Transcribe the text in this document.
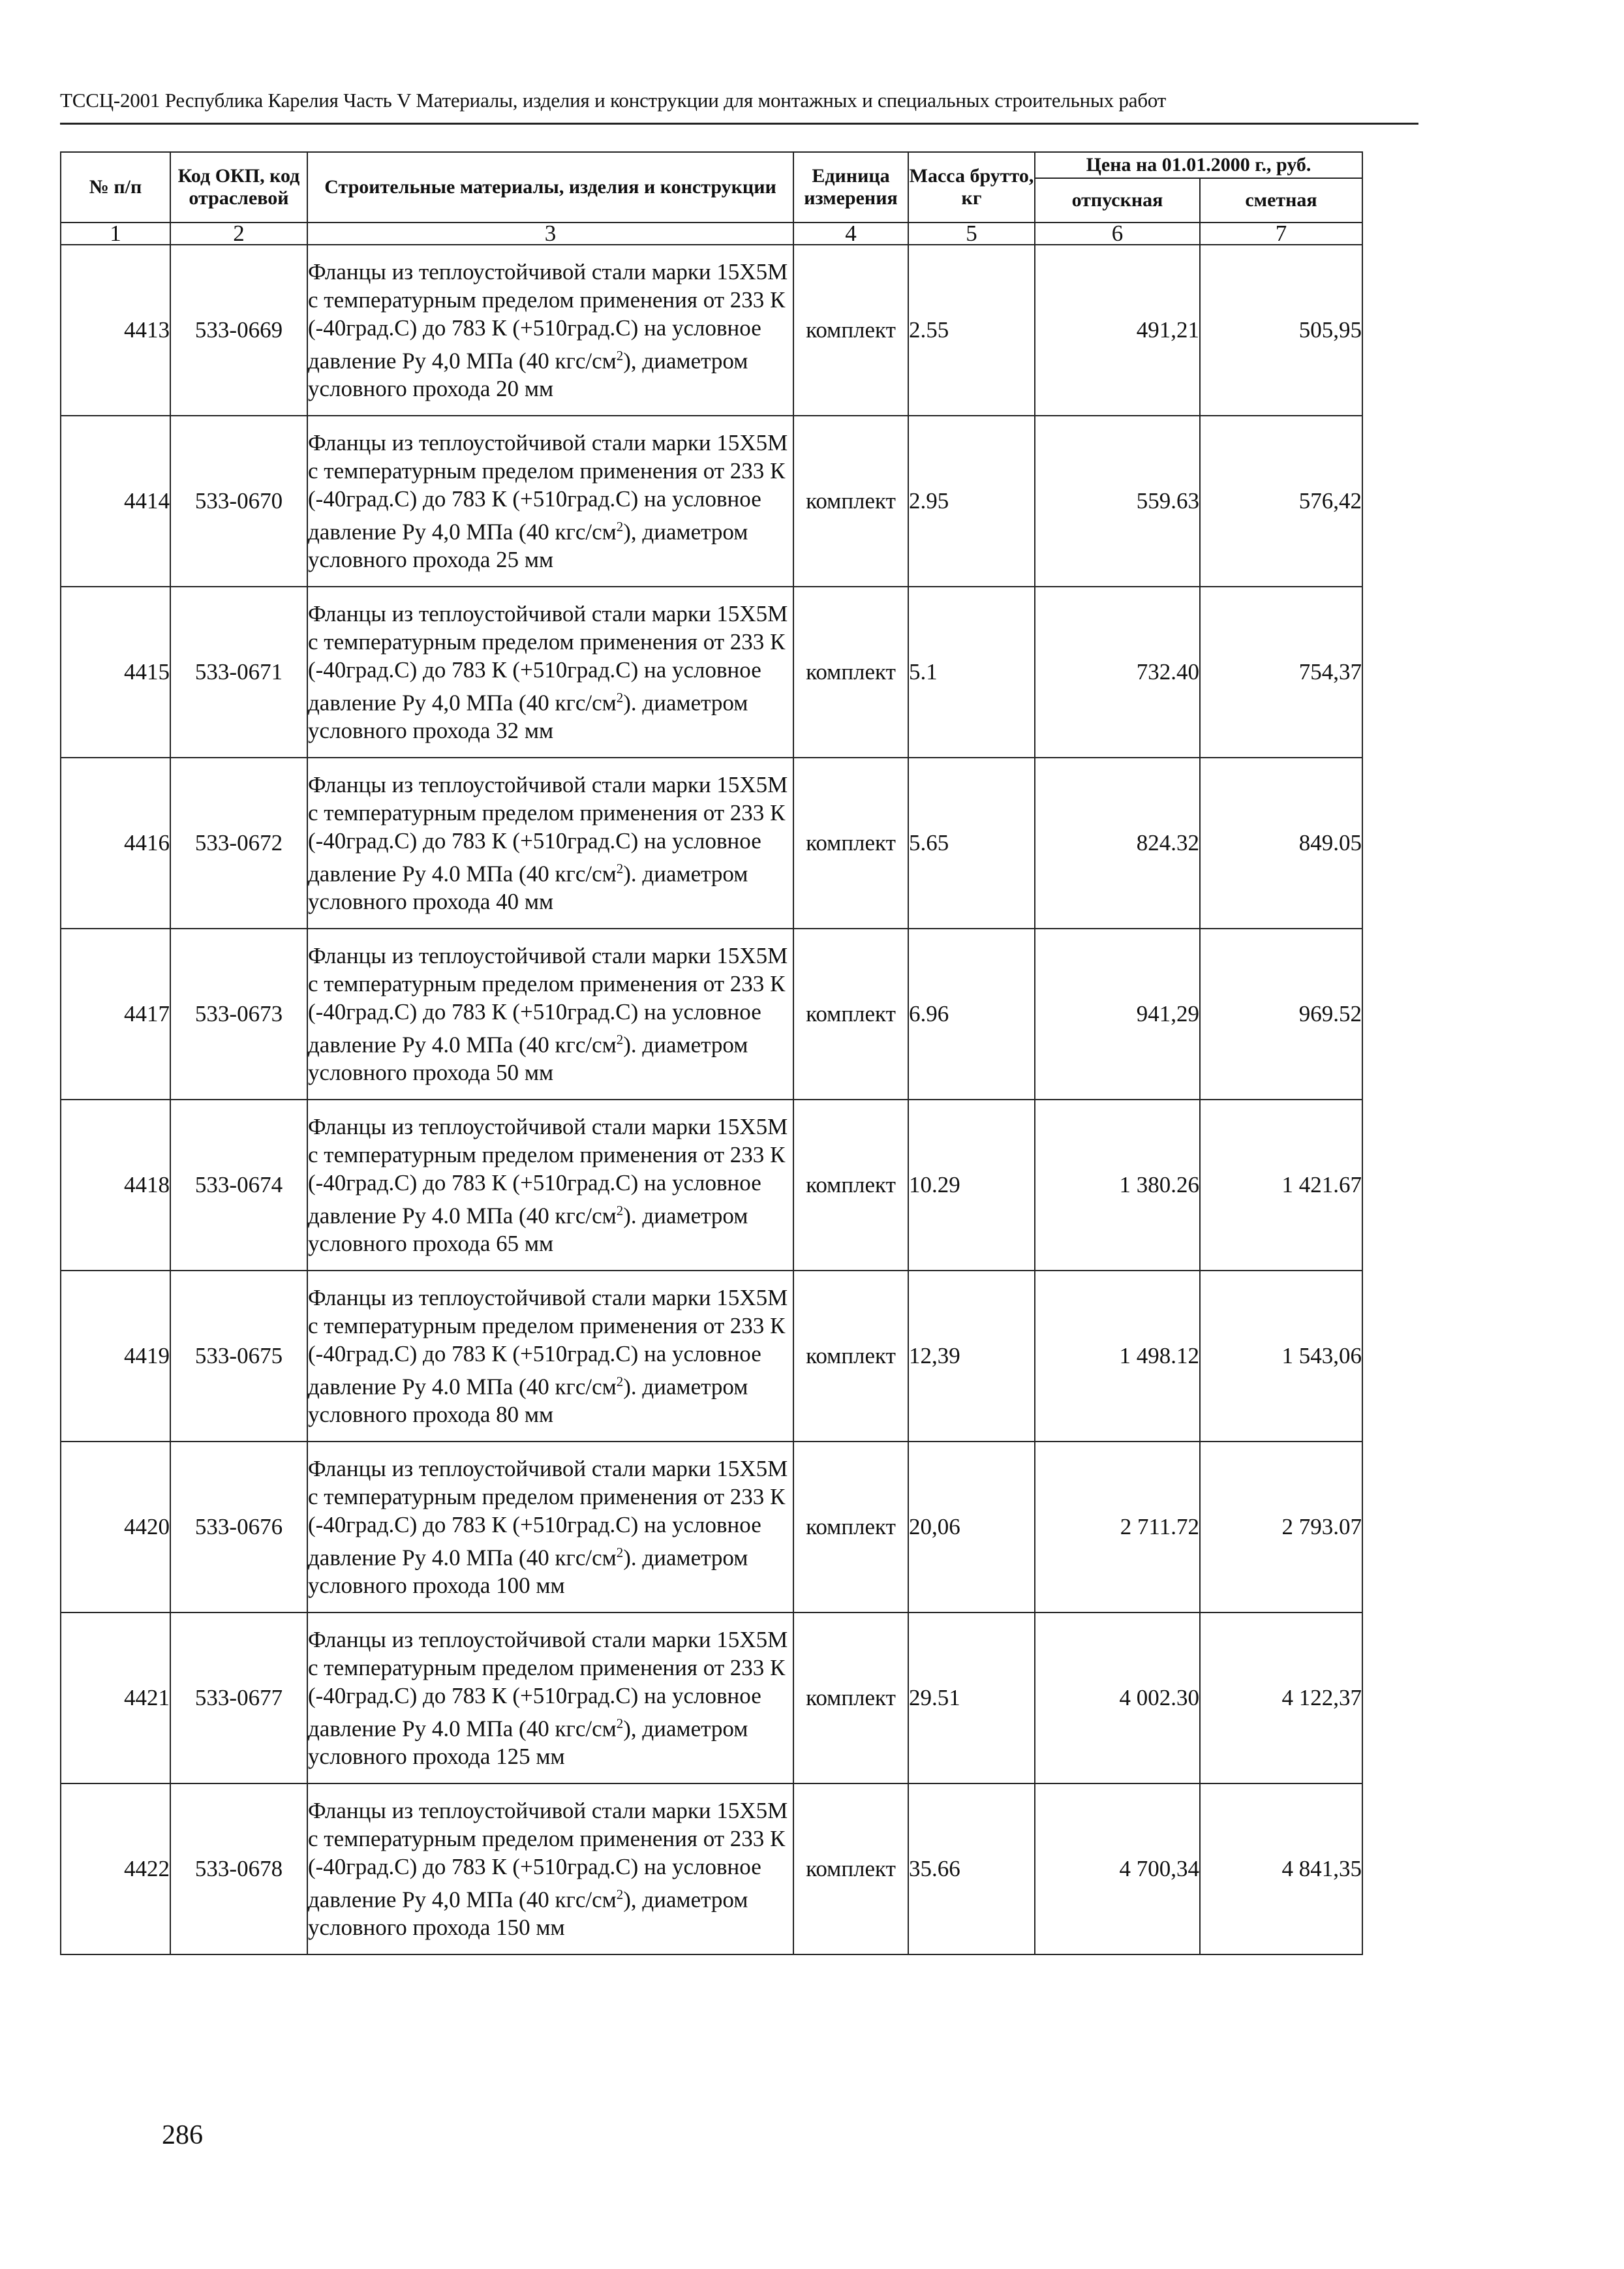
ТССЦ-2001 Республика Карелия Часть V Материалы, изделия и конструкции для монтажных и специальных строительных работ
№ п/п	Код ОКП, код отраслевой	Строительные материалы, изделия и конструкции	Единица измерения	Масса брутто, кг	Цена на 01.01.2000 г., руб.	
					отпускная	сметная
1	2	3	4	5	6	7
4413	533-0669	Фланцы из теплоустойчивой стали марки 15Х5М с температурным пределом применения от 233 К (-40град.С) до 783 К (+510град.С) на условное давление Ру 4,0 МПа (40 кгс/$см^2$), диаметром условного прохода 20 мм	комплект	2.55	491,21	505,95
4414	533-0670	Фланцы из теплоустойчивой стали марки 15Х5М с температурным пределом применения от 233 К (-40град.С) до 783 К (+510град.С) на условное давление Ру 4,0 МПа (40 кгс/$см^2$), диаметром условного прохода 25 мм	комплект	2.95	559.63	576,42
4415	533-0671	Фланцы из теплоустойчивой стали марки 15Х5М с температурным пределом применения от 233 К (-40град.С) до 783 К (+510град.С) на условное давление Ру 4,0 МПа (40 кгс/$см^2$). диаметром условного прохода 32 мм	комплект	5.1	732.40	754,37
4416	533-0672	Фланцы из теплоустойчивой стали марки 15Х5М с температурным пределом применения от 233 К (-40град.С) до 783 К (+510град.С) на условное давление Ру 4.0 МПа (40 кгс/$см^2$). диаметром условного прохода 40 мм	комплект	5.65	824.32	849.05
4417	533-0673	Фланцы из теплоустойчивой стали марки 15Х5М с температурным пределом применения от 233 К (-40град.С) до 783 К (+510град.С) на условное давление Ру 4.0 МПа (40 кгс/$см^2$). диаметром условного прохода 50 мм	комплект	6.96	941,29	969.52
4418	533-0674	Фланцы из теплоустойчивой стали марки 15Х5М с температурным пределом применения от 233 К (-40град.С) до 783 К (+510град.С) на условное давление Ру 4.0 МПа (40 кгс/$см^2$). диаметром условного прохода 65 мм	комплект	10.29	1 380.26	1 421.67
4419	533-0675	Фланцы из теплоустойчивой стали марки 15Х5М с температурным пределом применения от 233 К (-40град.С) до 783 К (+510град.С) на условное давление Ру 4.0 МПа (40 кгс/$см^2$). диаметром условного прохода 80 мм	комплект	12,39	1 498.12	1 543,06
4420	533-0676	Фланцы из теплоустойчивой стали марки 15Х5М с температурным пределом применения от 233 К (-40град.С) до 783 К (+510град.С) на условное давление Ру 4.0 МПа (40 кгс/$см^2$). диаметром условного прохода 100 мм	комплект	20,06	2 711.72	2 793.07
4421	533-0677	Фланцы из теплоустойчивой стали марки 15Х5М с температурным пределом применения от 233 К (-40град.С) до 783 К (+510град.С) на условное давление Ру 4.0 МПа (40 кгс/$см^2$), диаметром условного прохода 125 мм	комплект	29.51	4 002.30	4 122,37
4422	533-0678	Фланцы из теплоустойчивой стали марки 15Х5М с температурным пределом применения от 233 К (-40град.С) до 783 К (+510град.С) на условное давление Ру 4,0 МПа (40 кгс/$см^2$), диаметром условного прохода 150 мм	комплект	35.66	4 700,34	4 841,35
286
